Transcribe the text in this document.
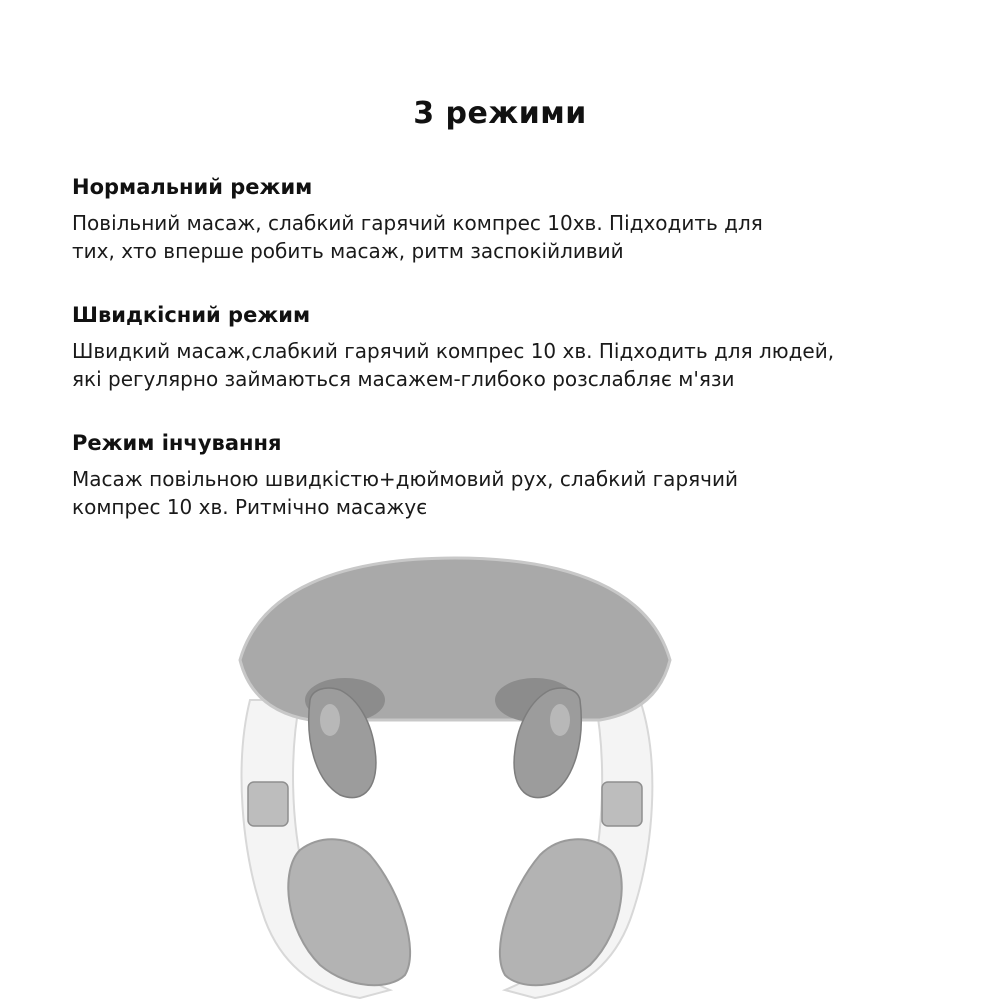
3 режими
Нормальний режим

Повільний масаж, слабкий гарячий компрес 10хв. Підходить для
тих, хто вперше робить масаж, ритм заспокійливий

Швидкісний режим

Швидкий масаж,слабкий гарячий компрес 10 хв. Підходить для людей,
які регулярно займаються масажем-глибоко розслабляє м'язи

Режим інчування

Масаж повільною швидкістю+дюймовий рух, слабкий гарячий
компрес 10 хв. Ритмічно масажує
